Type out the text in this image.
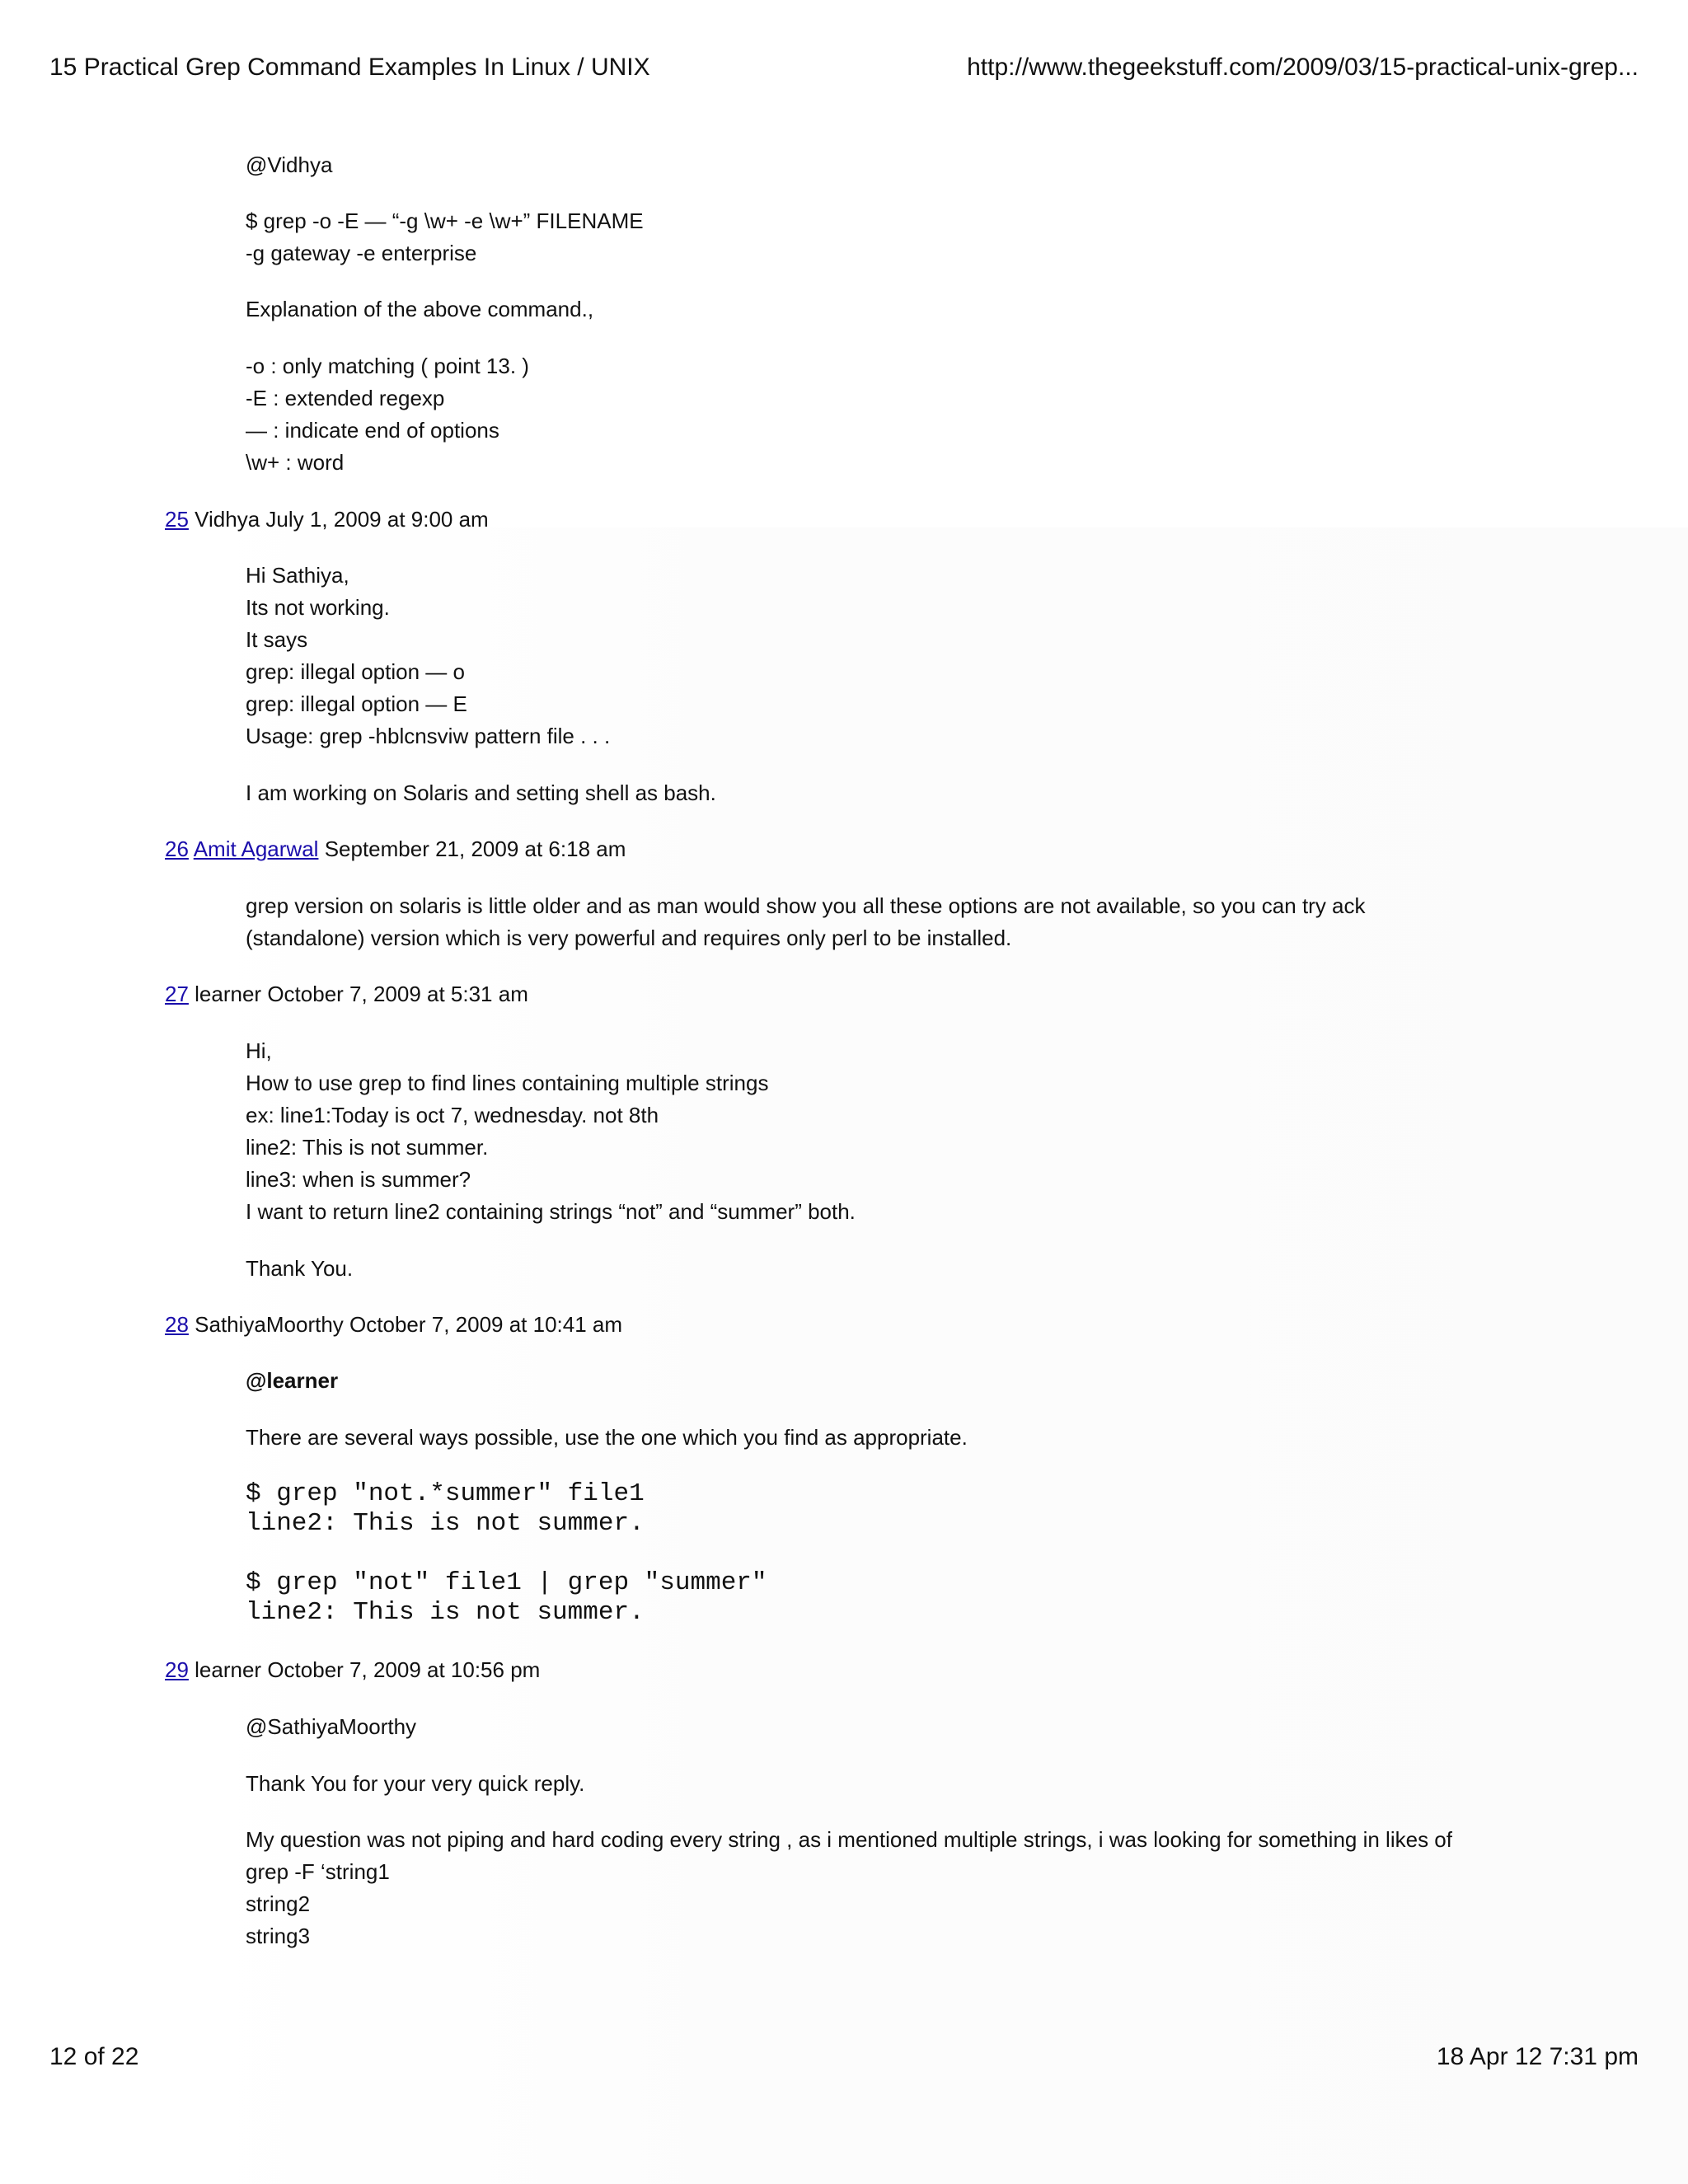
15 Practical Grep Command Examples In Linux / UNIX	http://www.thegeekstuff.com/2009/03/15-practical-unix-grep...
@Vidhya
$ grep -o -E — “-g \w+ -e \w+” FILENAME
-g gateway -e enterprise
Explanation of the above command.,
-o : only matching ( point 13. )
-E : extended regexp
— : indicate end of options
\w+ : word
25 Vidhya July 1, 2009 at 9:00 am
Hi Sathiya,
Its not working.
It says
grep: illegal option — o
grep: illegal option — E
Usage: grep -hblcnsviw pattern file . . .
I am working on Solaris and setting shell as bash.
26 Amit Agarwal September 21, 2009 at 6:18 am
grep version on solaris is little older and as man would show you all these options are not available, so you can try ack
(standalone) version which is very powerful and requires only perl to be installed.
27 learner October 7, 2009 at 5:31 am
Hi,
How to use grep to find lines containing multiple strings
ex: line1:Today is oct 7, wednesday. not 8th
line2: This is not summer.
line3: when is summer?
I want to return line2 containing strings “not” and “summer” both.
Thank You.
28 SathiyaMoorthy October 7, 2009 at 10:41 am
@learner
There are several ways possible, use the one which you find as appropriate.
$ grep "not.*summer" file1
line2: This is not summer.
$ grep "not" file1 | grep "summer"
line2: This is not summer.
29 learner October 7, 2009 at 10:56 pm
@SathiyaMoorthy
Thank You for your very quick reply.
My question was not piping and hard coding every string , as i mentioned multiple strings, i was looking for something in likes of
grep -F ‘string1
string2
string3
12 of 22	18 Apr 12 7:31 pm
